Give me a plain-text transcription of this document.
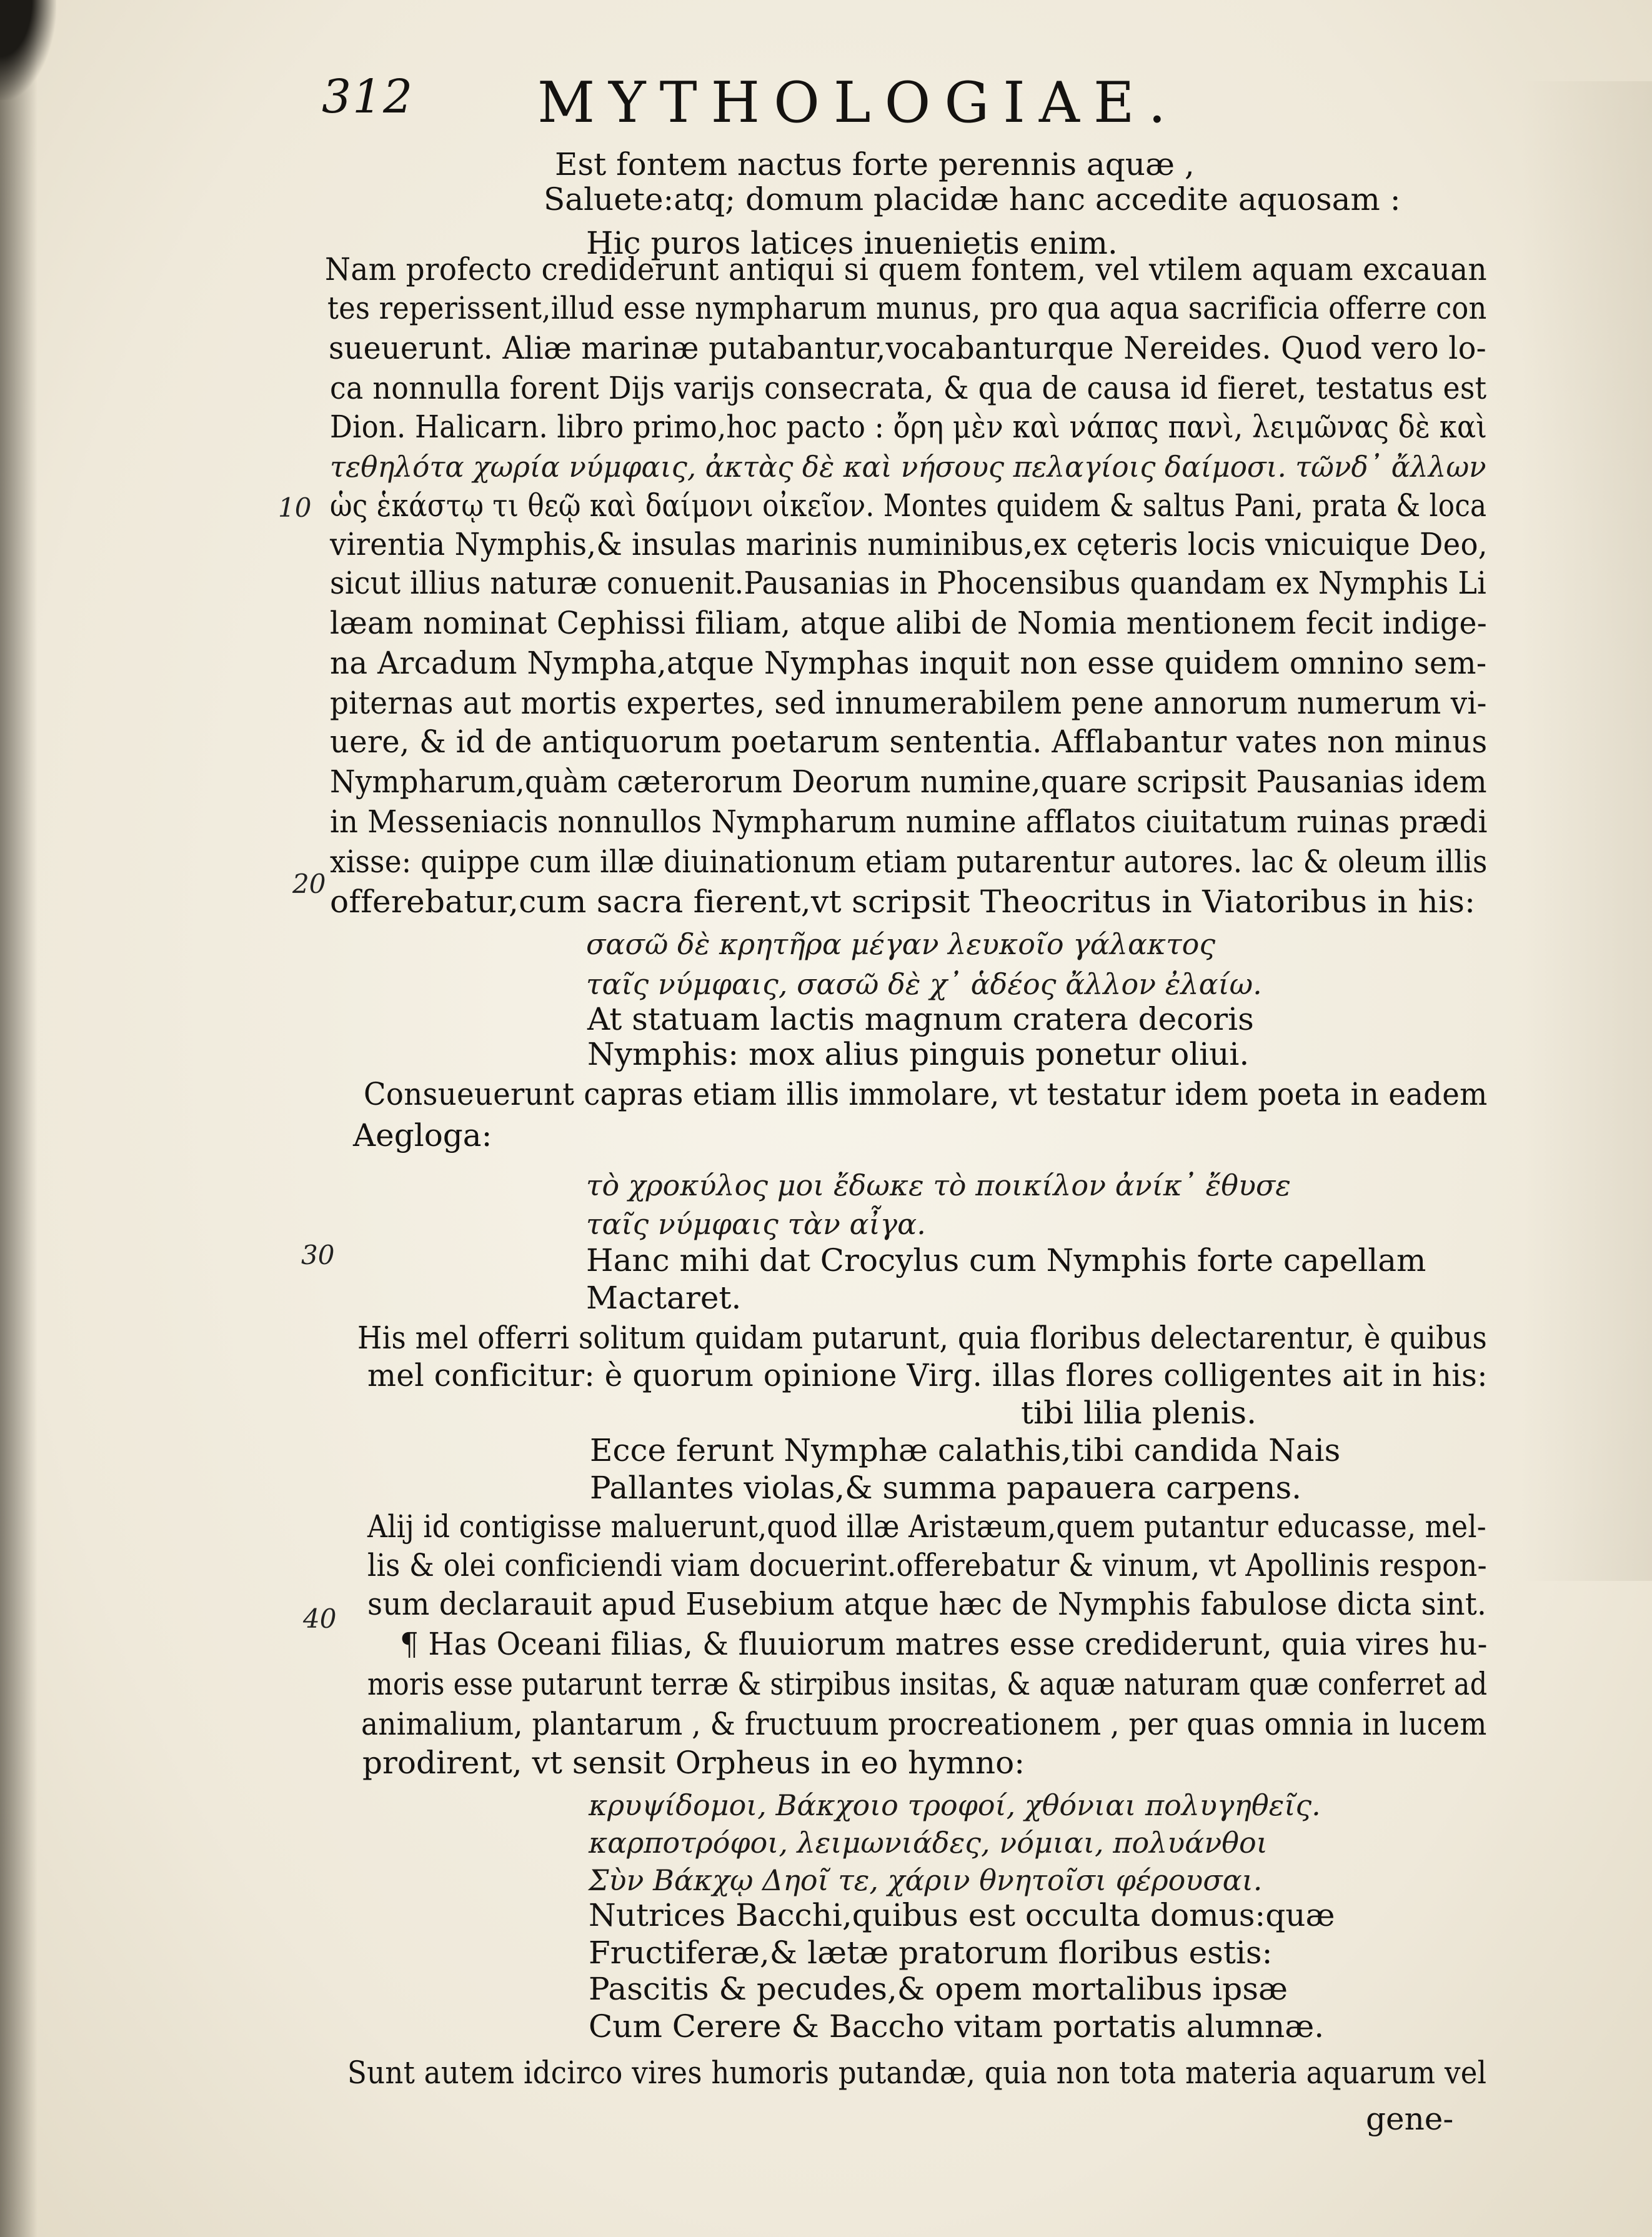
312 MYTHOLOGIAE.
10
20
30
40
Est fontem nactus forte perennis aquæ ,
Saluete:atq; domum placidæ hanc accedite aquosam :
Hic puros latices inuenietis enim.
Nam profecto crediderunt antiqui si quem fontem, vel vtilem aquam excauan
tes reperissent,illud esse nympharum munus, pro qua aqua sacrificia offerre con
sueuerunt. Aliæ marinæ putabantur,vocabanturque Nereides. Quod vero lo-
ca nonnulla forent Dijs varijs consecrata, & qua de causa id fieret, testatus est
Dion. Halicarn. libro primo,hoc pacto : ὄρη μὲν καὶ νάπας πανὶ, λειμῶνας δὲ καὶ
τεθηλότα χωρία νύμφαις, ἀκτὰς δὲ καὶ νήσους πελαγίοις δαίμοσι. τῶνδ᾽ ἄλλων
ὡς ἑκάστῳ τι θεῷ καὶ δαίμονι οἰκεῖον. Montes quidem & saltus Pani, prata & loca
virentia Nymphis,& insulas marinis numinibus,ex cęteris locis vnicuique Deo,
sicut illius naturæ conuenit.Pausanias in Phocensibus quandam ex Nymphis Li
læam nominat Cephissi filiam, atque alibi de Nomia mentionem fecit indige-
na Arcadum Nympha,atque Nymphas inquit non esse quidem omnino sem-
piternas aut mortis expertes, sed innumerabilem pene annorum numerum vi-
uere, & id de antiquorum poetarum sententia. Afflabantur vates non minus
Nympharum,quàm cæterorum Deorum numine,quare scripsit Pausanias idem
in Messeniacis nonnullos Nympharum numine afflatos ciuitatum ruinas prædi
xisse: quippe cum illæ diuinationum etiam putarentur autores. lac & oleum illis
offerebatur,cum sacra fierent,vt scripsit Theocritus in Viatoribus in his:
σασῶ δὲ κρητῆρα μέγαν λευκοῖο γάλακτος
ταῖς νύμφαις, σασῶ δὲ χ᾽ ἁδέος ἄλλον ἐλαίω.
At statuam lactis magnum cratera decoris
Nymphis: mox alius pinguis ponetur oliui.
Consueuerunt capras etiam illis immolare, vt testatur idem poeta in eadem
Aegloga:
τὸ χροκύλος μοι ἔδωκε τὸ ποικίλον ἀνίκ᾽ ἔθυσε
ταῖς νύμφαις τὰν αἶγα.
Hanc mihi dat Crocylus cum Nymphis forte capellam
Mactaret.
His mel offerri solitum quidam putarunt, quia floribus delectarentur, è quibus
mel conficitur: è quorum opinione Virg. illas flores colligentes ait in his:
tibi lilia plenis.
Ecce ferunt Nymphæ calathis,tibi candida Nais
Pallantes violas,& summa papauera carpens.
Alij id contigisse maluerunt,quod illæ Aristæum,quem putantur educasse, mel-
lis & olei conficiendi viam docuerint.offerebatur & vinum, vt Apollinis respon-
sum declarauit apud Eusebium atque hæc de Nymphis fabulose dicta sint.
¶ Has Oceani filias, & fluuiorum matres esse crediderunt, quia vires hu-
moris esse putarunt terræ & stirpibus insitas, & aquæ naturam quæ conferret ad
animalium, plantarum , & fructuum procreationem , per quas omnia in lucem
prodirent, vt sensit Orpheus in eo hymno:
κρυψίδομοι, Βάκχοιο τροφοί, χθόνιαι πολυγηθεῖς.
καρποτρόφοι, λειμωνιάδες, νόμιαι, πολυάνθοι
Σὺν Βάκχῳ Δηοῖ τε, χάριν θνητοῖσι φέρουσαι.
Nutrices Bacchi,quibus est occulta domus:quæ
Fructiferæ,& lætæ pratorum floribus estis:
Pascitis & pecudes,& opem mortalibus ipsæ
Cum Cerere & Baccho vitam portatis alumnæ.
Sunt autem idcirco vires humoris putandæ, quia non tota materia aquarum vel
gene-
